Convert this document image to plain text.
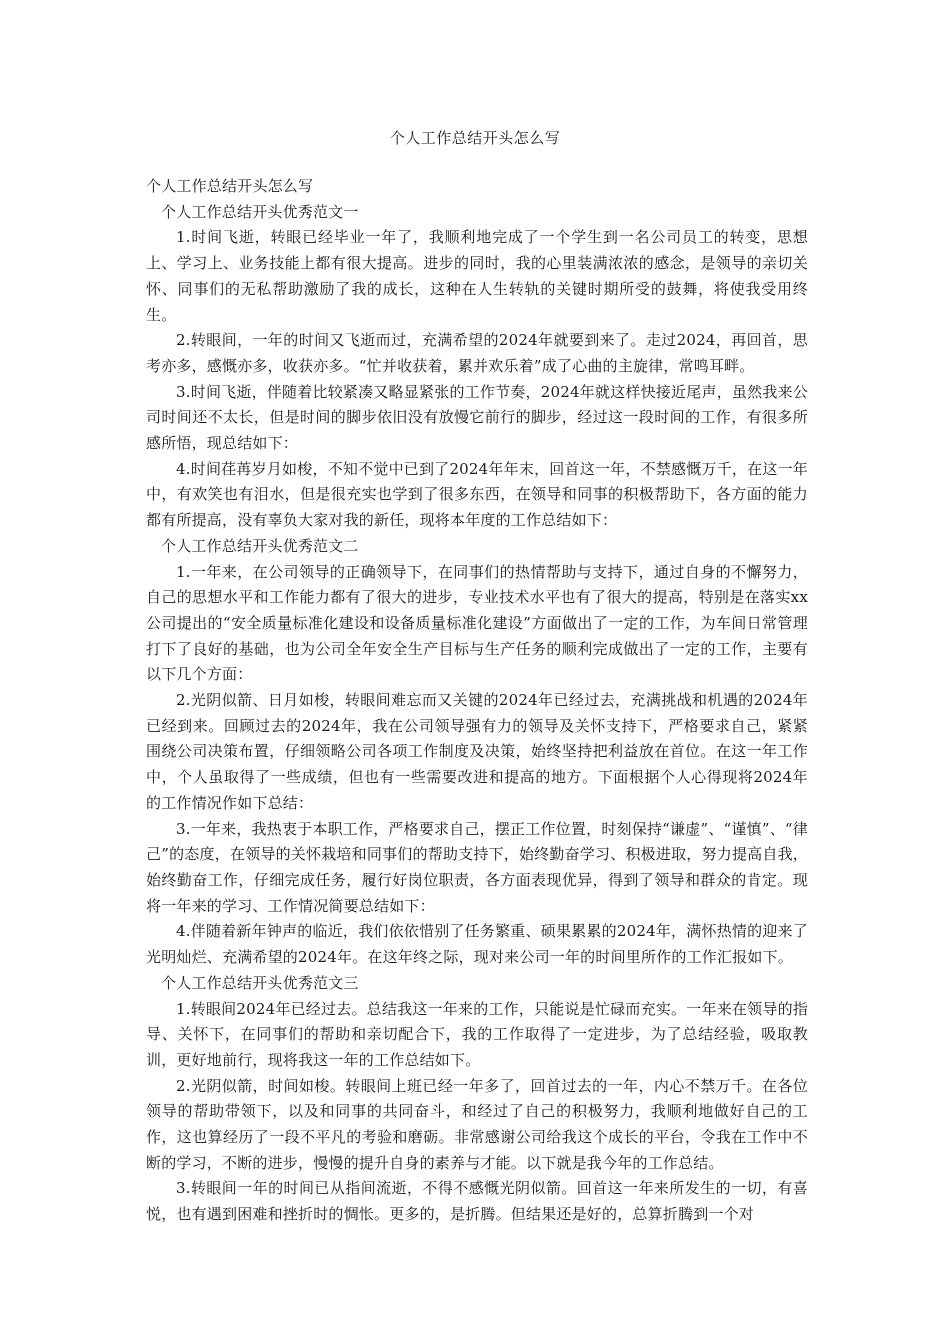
个人工作总结开头怎么写

个人工作总结开头怎么写

个人工作总结开头优秀范文一

1.时间飞逝，转眼已经毕业一年了，我顺利地完成了一个学生到一名公司员工的转变，思想上、学习上、业务技能上都有很大提高。进步的同时，我的心里装满浓浓的感念，是领导的亲切关怀、同事们的无私帮助激励了我的成长，这种在人生转轨的关键时期所受的鼓舞，将使我受用终生。

2.转眼间，一年的时间又飞逝而过，充满希望的2024年就要到来了。走过2024，再回首，思考亦多，感慨亦多，收获亦多。“忙并收获着，累并欢乐着”成了心曲的主旋律，常鸣耳畔。

3.时间飞逝，伴随着比较紧凑又略显紧张的工作节奏，2024年就这样快接近尾声，虽然我来公司时间还不太长，但是时间的脚步依旧没有放慢它前行的脚步，经过这一段时间的工作，有很多所感所悟，现总结如下：

4.时间荏苒岁月如梭，不知不觉中已到了2024年年末，回首这一年，不禁感慨万千，在这一年中，有欢笑也有泪水，但是很充实也学到了很多东西，在领导和同事的积极帮助下，各方面的能力都有所提高，没有辜负大家对我的新任，现将本年度的工作总结如下：

个人工作总结开头优秀范文二

1.一年来，在公司领导的正确领导下，在同事们的热情帮助与支持下，通过自身的不懈努力，自己的思想水平和工作能力都有了很大的进步，专业技术水平也有了很大的提高，特别是在落实xx公司提出的“安全质量标准化建设和设备质量标准化建设”方面做出了一定的工作，为车间日常管理打下了良好的基础，也为公司全年安全生产目标与生产任务的顺利完成做出了一定的工作，主要有以下几个方面：

2.光阴似箭、日月如梭，转眼间难忘而又关键的2024年已经过去，充满挑战和机遇的2024年已经到来。回顾过去的2024年，我在公司领导强有力的领导及关怀支持下，严格要求自己，紧紧围绕公司决策布置，仔细领略公司各项工作制度及决策，始终坚持把利益放在首位。在这一年工作中，个人虽取得了一些成绩，但也有一些需要改进和提高的地方。下面根据个人心得现将2024年的工作情况作如下总结：

3.一年来，我热衷于本职工作，严格要求自己，摆正工作位置，时刻保持“谦虚”、“谨慎”、“律己”的态度，在领导的关怀栽培和同事们的帮助支持下，始终勤奋学习、积极进取，努力提高自我，始终勤奋工作，仔细完成任务，履行好岗位职责，各方面表现优异，得到了领导和群众的肯定。现将一年来的学习、工作情况简要总结如下：

4.伴随着新年钟声的临近，我们依依惜别了任务繁重、硕果累累的2024年，满怀热情的迎来了光明灿烂、充满希望的2024年。在这年终之际，现对来公司一年的时间里所作的工作汇报如下。

个人工作总结开头优秀范文三

1.转眼间2024年已经过去。总结我这一年来的工作，只能说是忙碌而充实。一年来在领导的指导、关怀下，在同事们的帮助和亲切配合下，我的工作取得了一定进步，为了总结经验，吸取教训，更好地前行，现将我这一年的工作总结如下。

2.光阴似箭，时间如梭。转眼间上班已经一年多了，回首过去的一年，内心不禁万千。在各位领导的帮助带领下，以及和同事的共同奋斗，和经过了自己的积极努力，我顺利地做好自己的工作，这也算经历了一段不平凡的考验和磨砺。非常感谢公司给我这个成长的平台，令我在工作中不断的学习，不断的进步，慢慢的提升自身的素养与才能。以下就是我今年的工作总结。

3.转眼间一年的时间已从指间流逝，不得不感慨光阴似箭。回首这一年来所发生的一切，有喜悦，也有遇到困难和挫折时的惆怅。更多的，是折腾。但结果还是好的，总算折腾到一个对
